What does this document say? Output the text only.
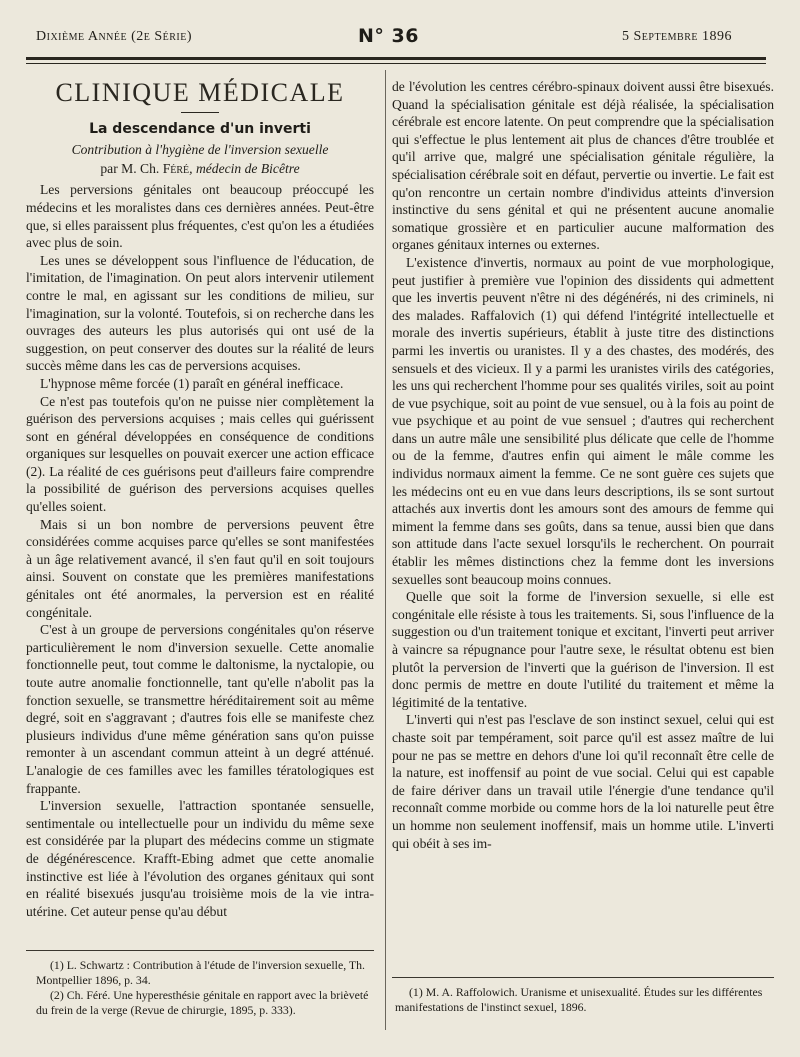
Dixième Année (2e Série)	N° 36	5 Septembre 1896
CLINIQUE MÉDICALE
La descendance d'un inverti
Contribution à l'hygiène de l'inversion sexuelle
par M. Ch. Féré, médecin de Bicêtre

Les perversions génitales ont beaucoup préoccupé les médecins et les moralistes dans ces dernières années. Peut-être que, si elles paraissent plus fréquentes, c'est qu'on les a étudiées avec plus de soin.

Les unes se développent sous l'influence de l'éducation, de l'imitation, de l'imagination. On peut alors intervenir utilement contre le mal, en agissant sur les conditions de milieu, sur l'imagination, sur la volonté. Toutefois, si on recherche dans les ouvrages des auteurs les plus autorisés qui ont usé de la suggestion, on peut conserver des doutes sur la réalité de leurs succès même dans les cas de perversions acquises.

L'hypnose même forcée (1) paraît en général inefficace.

Ce n'est pas toutefois qu'on ne puisse nier complètement la guérison des perversions acquises ; mais celles qui guérissent sont en général développées en conséquence de conditions organiques sur lesquelles on pouvait exercer une action efficace (2). La réalité de ces guérisons peut d'ailleurs faire comprendre la possibilité de guérison des perversions acquises quelles qu'elles soient.

Mais si un bon nombre de perversions peuvent être considérées comme acquises parce qu'elles se sont manifestées à un âge relativement avancé, il s'en faut qu'il en soit toujours ainsi. Souvent on constate que les premières manifestations génitales ont été anormales, la perversion est en réalité congénitale.

C'est à un groupe de perversions congénitales qu'on réserve particulièrement le nom d'inversion sexuelle. Cette anomalie fonctionnelle peut, tout comme le daltonisme, la nyctalopie, ou toute autre anomalie fonctionnelle, tant qu'elle n'abolit pas la fonction sexuelle, se transmettre héréditairement soit au même degré, soit en s'aggravant ; d'autres fois elle se manifeste chez plusieurs individus d'une même génération sans qu'on puisse remonter à un ascendant commun atteint à un degré atténué. L'analogie de ces familles avec les familles tératologiques est frappante.

L'inversion sexuelle, l'attraction spontanée sensuelle, sentimentale ou intellectuelle pour un individu du même sexe est considérée par la plupart des médecins comme un stigmate de dégénérescence. Krafft-Ebing admet que cette anomalie instinctive est liée à l'évolution des organes génitaux qui sont en réalité bisexués jusqu'au troisième mois de la vie intra-utérine. Cet auteur pense qu'au début

de l'évolution les centres cérébro-spinaux doivent aussi être bisexués. Quand la spécialisation génitale est déjà réalisée, la spécialisation cérébrale est encore latente. On peut comprendre que la spécialisation qui s'effectue le plus lentement ait plus de chances d'être troublée et qu'il arrive que, malgré une spécialisation génitale régulière, la spécialisation cérébrale soit en défaut, pervertie ou invertie. Le fait est qu'on rencontre un certain nombre d'individus atteints d'inversion instinctive du sens génital et qui ne présentent aucune anomalie somatique grossière et en particulier aucune malformation des organes génitaux internes ou externes.

L'existence d'invertis, normaux au point de vue morphologique, peut justifier à première vue l'opinion des dissidents qui admettent que les invertis peuvent n'être ni des dégénérés, ni des criminels, ni des malades. Raffalovich (1) qui défend l'intégrité intellectuelle et morale des invertis supérieurs, établit à juste titre des distinctions parmi les invertis ou uranistes. Il y a des chastes, des modérés, des sensuels et des vicieux. Il y a parmi les uranistes virils des catégories, les uns qui recherchent l'homme pour ses qualités viriles, soit au point de vue psychique, soit au point de vue sensuel, ou à la fois au point de vue psychique et au point de vue sensuel ; d'autres qui recherchent dans un autre mâle une sensibilité plus délicate que celle de l'homme ou de la femme, d'autres enfin qui aiment le mâle comme les individus normaux aiment la femme. Ce ne sont guère ces sujets que les médecins ont eu en vue dans leurs descriptions, ils se sont surtout attachés aux invertis dont les amours sont des amours de femme qui miment la femme dans ses goûts, dans sa tenue, aussi bien que dans son attitude dans l'acte sexuel lorsqu'ils le recherchent. On pourrait établir les mêmes distinctions chez la femme dont les inversions sexuelles sont beaucoup moins connues.

Quelle que soit la forme de l'inversion sexuelle, si elle est congénitale elle résiste à tous les traitements. Si, sous l'influence de la suggestion ou d'un traitement tonique et excitant, l'inverti peut arriver à vaincre sa répugnance pour l'autre sexe, le résultat obtenu est bien plutôt la perversion de l'inverti que la guérison de l'inversion. Il est donc permis de mettre en doute l'utilité du traitement et même la légitimité de la tentative.

L'inverti qui n'est pas l'esclave de son instinct sexuel, celui qui est chaste soit par tempérament, soit parce qu'il est assez maître de lui pour ne pas se mettre en dehors d'une loi qu'il reconnaît être celle de la nature, est inoffensif au point de vue social. Celui qui est capable de faire dériver dans un travail utile l'énergie d'une tendance qu'il reconnaît comme morbide ou comme hors de la loi naturelle peut être un homme non seulement inoffensif, mais un homme utile. L'inverti qui obéit à ses im-

(1) L. Schwartz : Contribution à l'étude de l'inversion sexuelle, Th. Montpellier 1896, p. 34.

(2) Ch. Féré. Une hyperesthésie génitale en rapport avec la brièveté du frein de la verge (Revue de chirurgie, 1895, p. 333).

(1) M. A. Raffolowich. Uranisme et unisexualité. Études sur les différentes manifestations de l'instinct sexuel, 1896.
